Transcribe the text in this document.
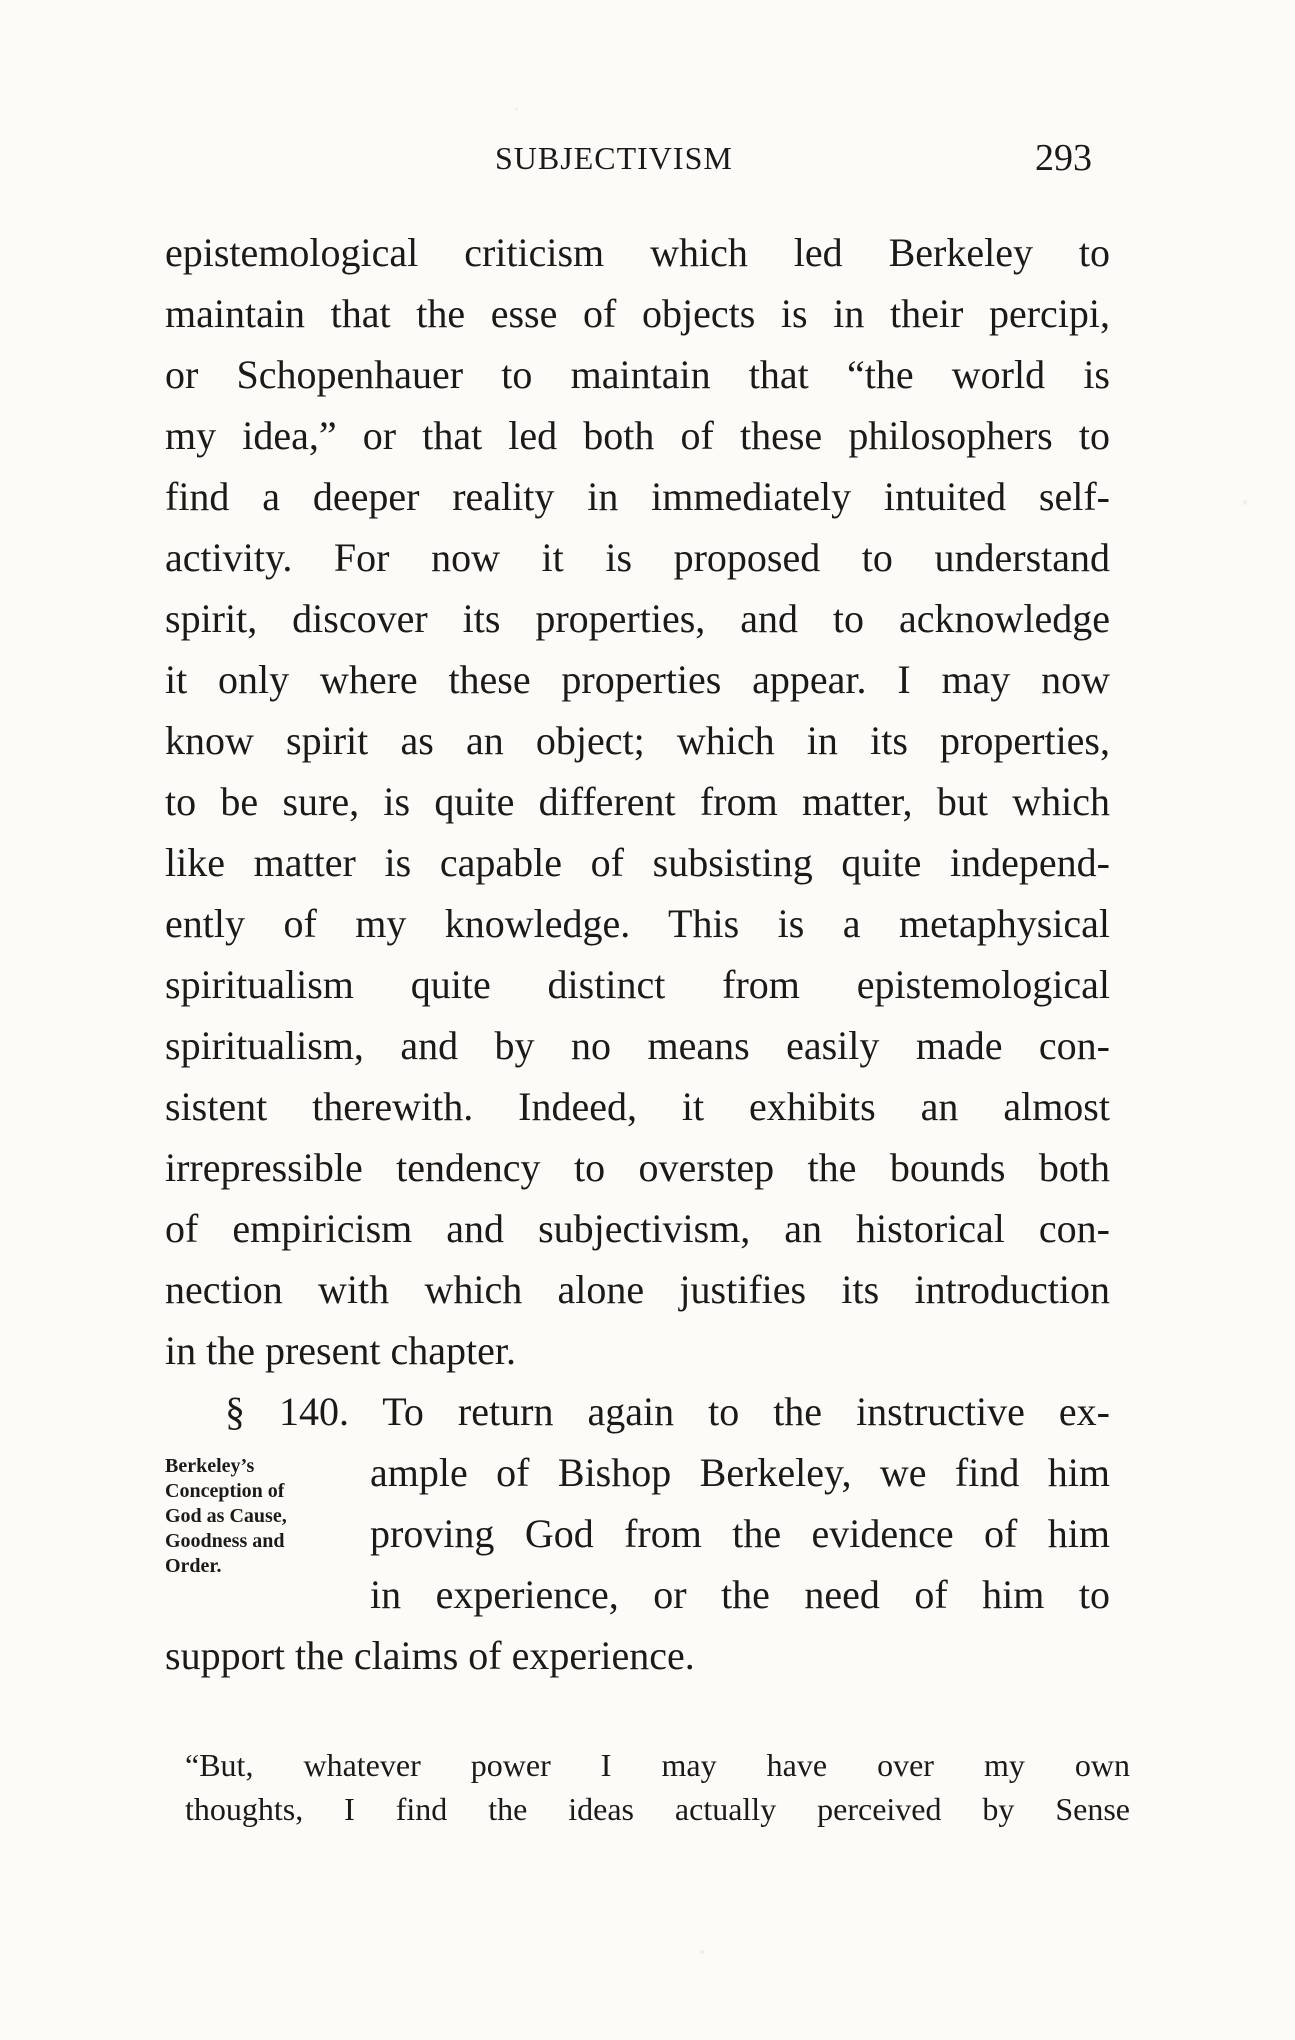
SUBJECTIVISM	293
epistemological criticism which led Berkeley to
maintain that the esse of objects is in their percipi,
or Schopenhauer to maintain that “the world is
my idea,” or that led both of these philosophers to
find a deeper reality in immediately intuited self-
activity. For now it is proposed to understand
spirit, discover its properties, and to acknowledge
it only where these properties appear. I may now
know spirit as an object; which in its properties,
to be sure, is quite different from matter, but which
like matter is capable of subsisting quite independ-
ently of my knowledge. This is a metaphysical
spiritualism quite distinct from epistemological
spiritualism, and by no means easily made con-
sistent therewith. Indeed, it exhibits an almost
irrepressible tendency to overstep the bounds both
of empiricism and subjectivism, an historical con-
nection with which alone justifies its introduction
in the present chapter.
§ 140. To return again to the instructive ex-
Berkeley’s
Conception of
God as Cause,
Goodness and
Order.
ample of Bishop Berkeley, we find him
proving God from the evidence of him
in experience, or the need of him to
support the claims of experience.
“But, whatever power I may have over my own
thoughts, I find the ideas actually perceived by Sense
